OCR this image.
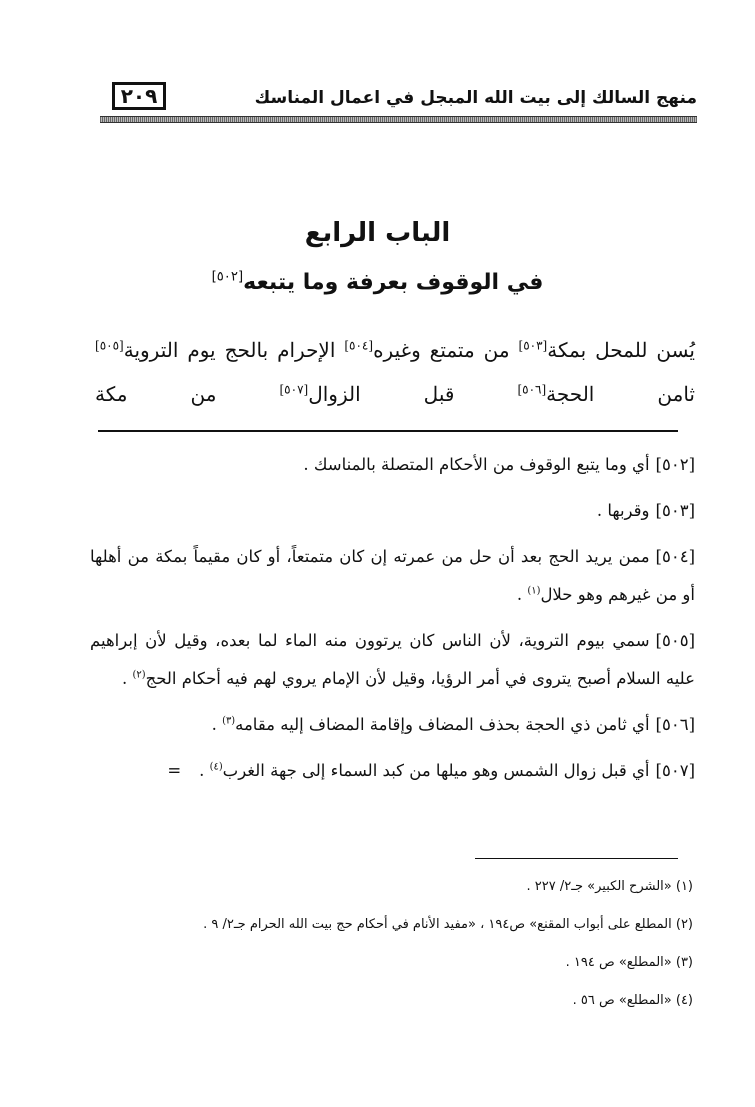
منهج السالك إلى بيت الله المبجل في اعمال المناسك
٢٠٩
الباب الرابع
في الوقوف بعرفة وما يتبعه[٥٠٢]
يُسن للمحل بمكة[٥٠٣] من متمتع وغيره[٥٠٤] الإحرام بالحج يوم التروية[٥٠٥] ثامن الحجة[٥٠٦] قبل الزوال[٥٠٧] من مكة
[٥٠٢]أي وما يتبع الوقوف من الأحكام المتصلة بالمناسك .
[٥٠٣]وقربها .
[٥٠٤]ممن يريد الحج بعد أن حل من عمرته إن كان متمتعاً، أو كان مقيماً بمكة من أهلها أو من غيرهم وهو حلال$^{(١)}$ .
[٥٠٥]سمي بيوم التروية، لأن الناس كان يرتوون منه الماء لما بعده، وقيل لأن إبراهيم عليه السلام أصبح يتروى في أمر الرؤيا، وقيل لأن الإمام يروي لهم فيه أحكام الحج$^{(٢)}$ .
[٥٠٦]أي ثامن ذي الحجة بحذف المضاف وإقامة المضاف إليه مقامه$^{(٣)}$ .
[٥٠٧]أي قبل زوال الشمس وهو ميلها من كبد السماء إلى جهة الغرب$^{(٤)}$ .=
(١) «الشرح الكبير» جـ٢/ ٢٢٧ .
(٢) المطلع على أبواب المقنع» ص١٩٤ ، «مفيد الأنام في أحكام حج بيت الله الحرام جـ٢/ ٩ .
(٣) «المطلع» ص ١٩٤ .
(٤) «المطلع» ص ٥٦ .
